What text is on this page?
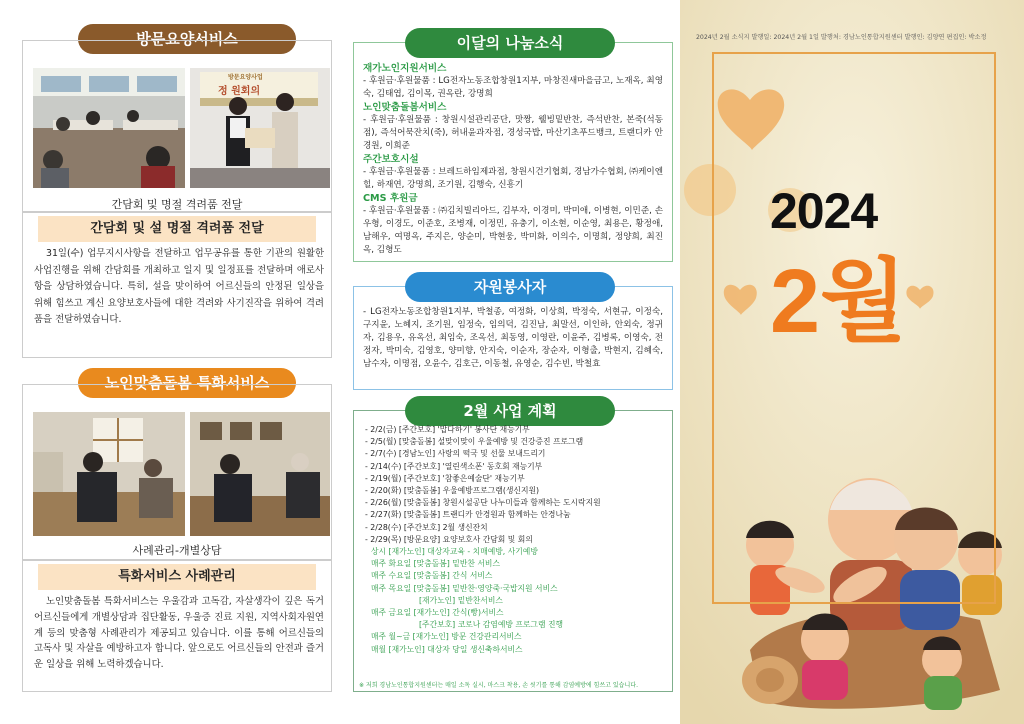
방문요양서비스
방문요양사업
정 원회의
간담회 및 명절 격려품 전달
간담회 및 설 명절 격려품 전달
31일(수) 업무지시사항을 전달하고 업무공유를 통한 기관의 원활한 사업진행을 위해 간담회를 개최하고 일지 및 일정표를 전달하며 애로사항을 상담하였습니다. 특히, 설을 맞이하여 어르신들의 안정된 일상을 위해 힘쓰고 계신 요양보호사들에 대한 격려와 사기진작을 위하여 격려품을 전달하였습니다.
노인맞춤돌봄 특화서비스
사례관리-개별상담
특화서비스 사례관리
노인맞춤돌봄 특화서비스는 우울감과 고독감, 자살생각이 깊은 독거어르신들에게 개별상담과 집단활동, 우울증 진료 지원, 지역사회자원연계 등의 맞춤형 사례관리가 제공되고 있습니다. 이를 통해 어르신들의 고독사 및 자살을 예방하고자 합니다. 앞으로도 어르신들의 안전과 즐거운 일상을 위해 노력하겠습니다.
이달의 나눔소식
재가노인지원서비스
- 후원금·후원물품 : LG전자노동조합창원1지부, 마창진새마을금고, 노재옥, 최영숙, 김태엽, 김이목, 권옥란, 강명희
노인맞춤돌봄서비스
- 후원금·후원물품 : 창원시설관리공단, 맛짱, 웰빙밑반찬, 즉석반찬, 본죽(석동점), 즉석어묵잔치(죽), 허내윤과자점, 경성국밥, 마산기초푸드뱅크, 트랜디카 안경원, 이희준
주간보호시설
- 후원금·후원물품 : 브레드하임제과점, 창원시건기협회, 경남가수협회, ㈜케이엔힐, 하재연, 강명희, 조기원, 김행숙, 신흥기
CMS 후원금
- 후원금·후원물품 : ㈜김치빌리아드, 김부자, 이경미, 박미애, 이병현, 이민준, 손우형, 이경도, 이준호, 조병재, 이정민, 유충기, 이소현, 이순영, 최용은, 황정애, 남해우, 여명옥, 주지은, 양순미, 박현웅, 박미화, 이의수, 이명희, 정양희, 최진옥, 김형도
자원봉사자
- LG전자노동조합창원1지부, 박철종, 여정화, 이상희, 박정숙, 서현규, 이정숙, 구지윤, 노혜지, 조기원, 임정숙, 임의덕, 김진남, 최말선, 이인하, 안외숙, 정귀자, 김용우, 유옥선, 최임숙, 조옥선, 최동영, 이영란, 이윤주, 김병록, 이영숙, 전정자, 박미숙, 김영호, 양미향, 안지숙, 이순자, 장순자, 이형출, 박현지, 김혜숙, 남수자, 이명점, 오윤수, 김호근, 이동철, 유영순, 김수빈, 박철효
2월 사업 계획
- 2/2(금) [주간보호] '맙다하기' 봉사단 재능기부
- 2/5(월) [맞춤돌봄] 설맞이맞이 우울예방 및 건강증진 프로그램
- 2/7(수) [경남노인] 사랑의 떡국 및 선물 보내드리기
- 2/14(수) [주간보호] '열린색소폰' 동호회 재능기부
- 2/19(월) [주간보호] '참좋은예술단' 재능기부
- 2/20(화) [맞춤돌봄] 우울예방프로그램(생신지원)
- 2/26(월) [맞춤돌봄] 창원시설공단 나누미들과 함께하는 도시락지원
- 2/27(화) [맞춤돌봄] 트랜디카 안경원과 함께하는 안경나눔
- 2/28(수) [주간보호] 2월 생신잔치
- 2/29(목) [방문요양] 요양보호사 간담회 및 회의
상시 [재가노인] 대상자교육 - 치매예방, 사기예방
매주 화요일 [맞춤돌봄] 밑반찬 서비스
매주 수요일 [맞춤돌봄] 간식 서비스
매주 목요일 [맞춤돌봄] 밑반찬·영양죽·국밥지원 서비스
[재가노인] 밑반찬서비스
매주 금요일 [재가노인] 간식(빵)서비스
[주간보호] 코로나 감염예방 프로그램 진행
매주 월~금 [재가노인] 방문 건강관리서비스
매월 [재가노인] 대상자 당일 생신축하서비스
※ 저희 경남노인통합지원센터는 매일 소독 실시, 마스크 착용, 손 씻기를 통해 감염예방에 힘쓰고 있습니다.
2024년 2월 소식지 발행일: 2024년 2월 1일 발행처: 경남노인통합지원센터 발행인: 김양연 편집인: 박소정
2024
2월
